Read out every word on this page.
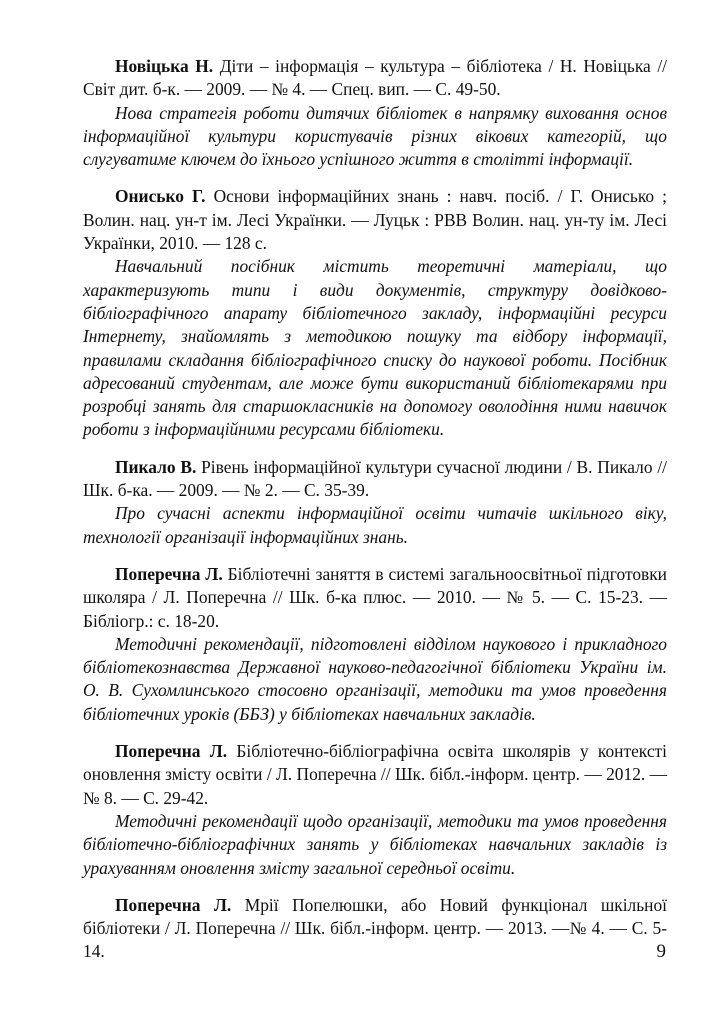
Новіцька Н. Діти – інформація – культура – бібліотека / Н. Новіцька // Світ дит. б-к. — 2009. — № 4. — Спец. вип. — С. 49-50.

Нова стратегія роботи дитячих бібліотек в напрямку виховання основ інформаційної культури користувачів різних вікових категорій, що слугуватиме ключем до їхнього успішного життя в столітті інформації.

Онисько Г. Основи інформаційних знань : навч. посіб. / Г. Онисько ; Волин. нац. ун-т ім. Лесі Українки. — Луцьк : РВВ Волин. нац. ун-ту ім. Лесі Українки, 2010. — 128 с.

Навчальний посібник містить теоретичні матеріали, що характеризують типи і види документів, структуру довідково-бібліографічного апарату бібліотечного закладу, інформаційні ресурси Інтернету, знайомлять з методикою пошуку та відбору інформації, правилами складання бібліографічного списку до наукової роботи. Посібник адресований студентам, але може бути використаний бібліотекарями при розробці занять для старшокласників на допомогу оволодіння ними навичок роботи з інформаційними ресурсами бібліотеки.

Пикало В. Рівень інформаційної культури сучасної людини / В. Пикало // Шк. б-ка. — 2009. — № 2. — С. 35-39.

Про сучасні аспекти інформаційної освіти читачів шкільного віку, технології організації інформаційних знань.

Поперечна Л. Бібліотечні заняття в системі загальноосвітньої підготовки школяра / Л. Поперечна // Шк. б-ка плюс. — 2010. — № 5. — С. 15-23. — Бібліогр.: с. 18-20.

Методичні рекомендації, підготовлені відділом наукового і прикладного бібліотекознавства Державної науково-педагогічної бібліотеки України ім. О. В. Сухомлинського стосовно організації, методики та умов проведення бібліотечних уроків (ББЗ) у бібліотеках навчальних закладів.

Поперечна Л. Бібліотечно-бібліографічна освіта школярів у контексті оновлення змісту освіти / Л. Поперечна // Шк. бібл.-інформ. центр. — 2012. —№ 8. — С. 29-42.

Методичні рекомендації щодо організації, методики та умов проведення бібліотечно-бібліографічних занять у бібліотеках навчальних закладів із урахуванням оновлення змісту загальної середньої освіти.

Поперечна Л. Мрії Попелюшки, або Новий функціонал шкільної бібліотеки / Л. Поперечна // Шк. бібл.-інформ. центр. — 2013. —№ 4. — С. 5-14.	9
